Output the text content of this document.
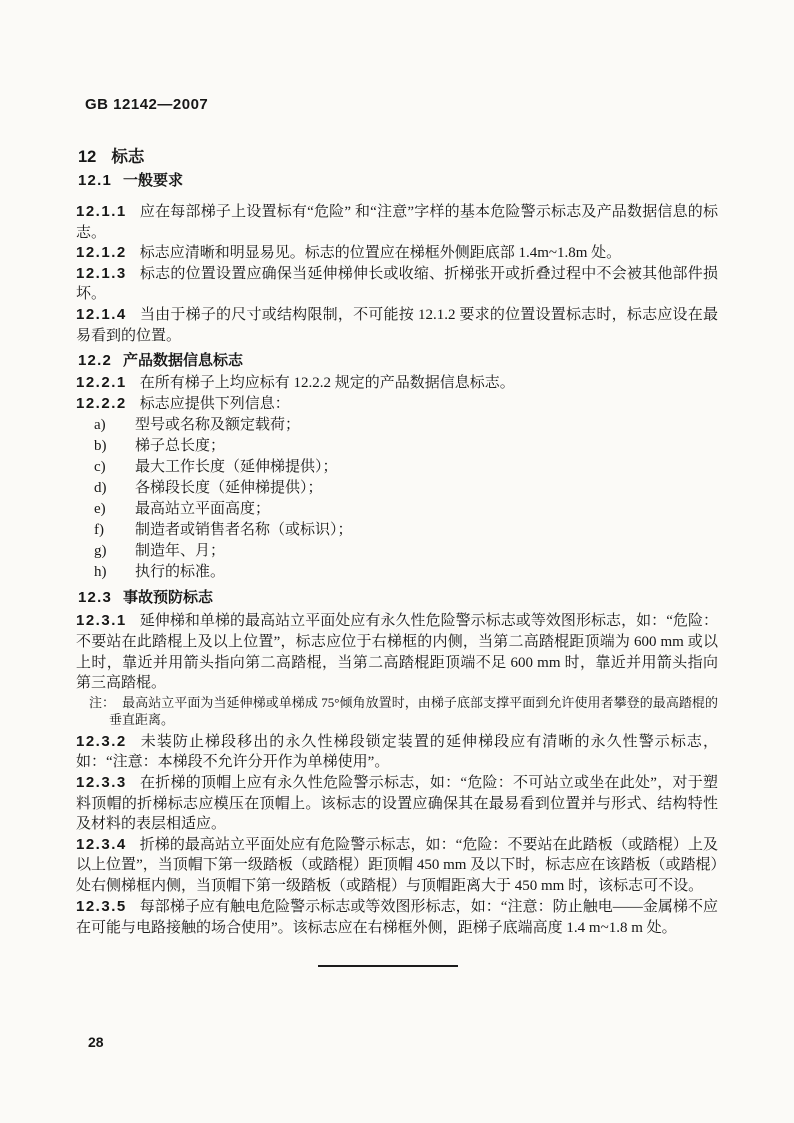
GB 12142—2007
12 标志
12.1 一般要求

12.1.1 应在每部梯子上设置标有“危险” 和“注意”字样的基本危险警示标志及产品数据信息的标志。

12.1.2 标志应清晰和明显易见。标志的位置应在梯框外侧距底部 1.4m~1.8m 处。

12.1.3 标志的位置设置应确保当延伸梯伸长或收缩、折梯张开或折叠过程中不会被其他部件损坏。

12.1.4 当由于梯子的尺寸或结构限制，不可能按 12.1.2 要求的位置设置标志时，标志应设在最易看到的位置。

12.2 产品数据信息标志

12.2.1 在所有梯子上均应标有 12.2.2 规定的产品数据信息标志。

12.2.2 标志应提供下列信息：

a) 型号或名称及额定载荷；
b) 梯子总长度；
c) 最大工作长度（延伸梯提供）；
d) 各梯段长度（延伸梯提供）；
e) 最高站立平面高度；
f) 制造者或销售者名称（或标识）；
g) 制造年、月；
h) 执行的标准。
12.3 事故预防标志

12.3.1 延伸梯和单梯的最高站立平面处应有永久性危险警示标志或等效图形标志，如：“危险：不要站在此踏棍上及以上位置”，标志应位于右梯框的内侧，当第二高踏棍距顶端为 600 mm 或以上时，靠近并用箭头指向第二高踏棍，当第二高踏棍距顶端不足 600 mm 时，靠近并用箭头指向第三高踏棍。

注： 最高站立平面为当延伸梯或单梯成 75°倾角放置时，由梯子底部支撑平面到允许使用者攀登的最高踏棍的垂直距离。

12.3.2 未装防止梯段移出的永久性梯段锁定装置的延伸梯段应有清晰的永久性警示标志，如：“注意：本梯段不允许分开作为单梯使用”。

12.3.3 在折梯的顶帽上应有永久性危险警示标志，如：“危险：不可站立或坐在此处”，对于塑料顶帽的折梯标志应模压在顶帽上。该标志的设置应确保其在最易看到位置并与形式、结构特性及材料的表层相适应。

12.3.4 折梯的最高站立平面处应有危险警示标志，如：“危险：不要站在此踏板（或踏棍）上及以上位置”，当顶帽下第一级踏板（或踏棍）距顶帽 450 mm 及以下时，标志应在该踏板（或踏棍）处右侧梯框内侧，当顶帽下第一级踏板（或踏棍）与顶帽距离大于 450 mm 时，该标志可不设。

12.3.5 每部梯子应有触电危险警示标志或等效图形标志，如：“注意：防止触电——金属梯不应在可能与电路接触的场合使用”。该标志应在右梯框外侧，距梯子底端高度 1.4 m~1.8 m 处。

28
